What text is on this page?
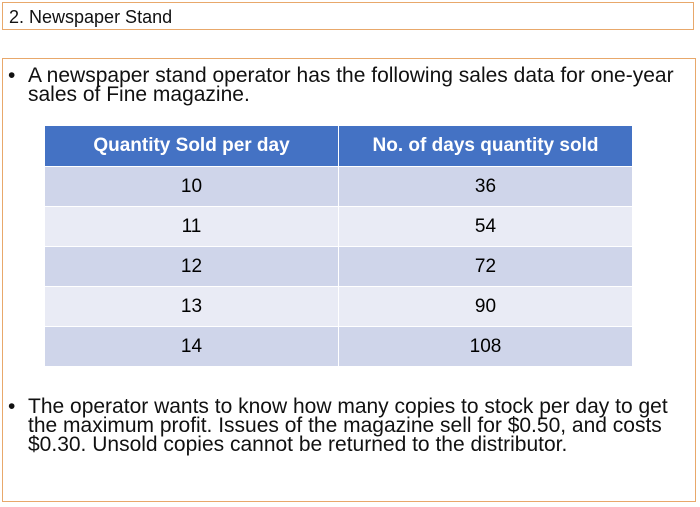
2. Newspaper Stand
• A newspaper stand operator has the following sales data for one-year sales of Fine magazine.
Quantity Sold per day	No. of days quantity sold
10	36
11	54
12	72
13	90
14	108
• The operator wants to know how many copies to stock per day to get the maximum profit. Issues of the magazine sell for $0.50, and costs $0.30. Unsold copies cannot be returned to the distributor.
